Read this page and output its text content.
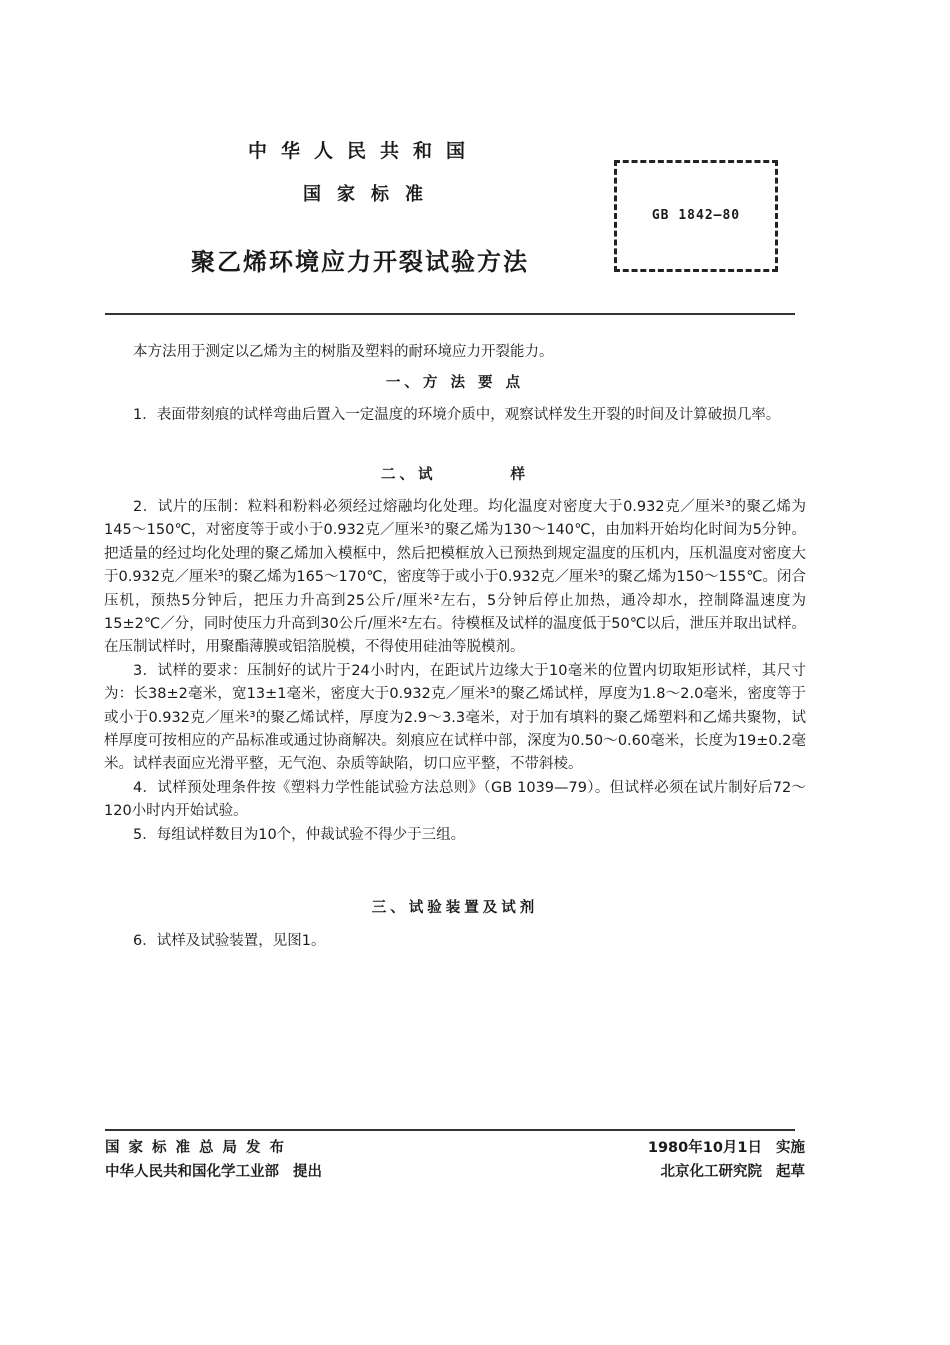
中华人民共和国
国家标准
聚乙烯环境应力开裂试验方法
GB 1842—80

本方法用于测定以乙烯为主的树脂及塑料的耐环境应力开裂能力。

一、方 法 要 点

1．表面带刻痕的试样弯曲后置入一定温度的环境介质中，观察试样发生开裂的时间及计算破损几率。

二、试　　　　样

2．试片的压制：粒料和粉料必须经过熔融均化处理。均化温度对密度大于0.932克／厘米³的聚乙烯为145～150℃，对密度等于或小于0.932克／厘米³的聚乙烯为130～140℃，由加料开始均化时间为5分钟。把适量的经过均化处理的聚乙烯加入模框中，然后把模框放入已预热到规定温度的压机内，压机温度对密度大于0.932克／厘米³的聚乙烯为165～170℃，密度等于或小于0.932克／厘米³的聚乙烯为150～155℃。闭合压机，预热5分钟后，把压力升高到25公斤/厘米²左右，5分钟后停止加热，通冷却水，控制降温速度为15±2℃／分，同时使压力升高到30公斤/厘米²左右。待模框及试样的温度低于50℃以后，泄压并取出试样。在压制试样时，用聚酯薄膜或铝箔脱模，不得使用硅油等脱模剂。

3．试样的要求：压制好的试片于24小时内，在距试片边缘大于10毫米的位置内切取矩形试样，其尺寸为：长38±2毫米，宽13±1毫米，密度大于0.932克／厘米³的聚乙烯试样，厚度为1.8～2.0毫米，密度等于或小于0.932克／厘米³的聚乙烯试样，厚度为2.9～3.3毫米，对于加有填料的聚乙烯塑料和乙烯共聚物，试样厚度可按相应的产品标准或通过协商解决。刻痕应在试样中部，深度为0.50～0.60毫米，长度为19±0.2毫米。试样表面应光滑平整，无气泡、杂质等缺陷，切口应平整，不带斜棱。

4．试样预处理条件按《塑料力学性能试验方法总则》（GB 1039—79）。但试样必须在试片制好后72～120小时内开始试验。

5．每组试样数目为10个，仲裁试验不得少于三组。

三、试验装置及试剂

6．试样及试验装置，见图1。

国家标准总局发布
中华人民共和国化学工业部 提出
1980年10月1日 实施
北京化工研究院 起草
